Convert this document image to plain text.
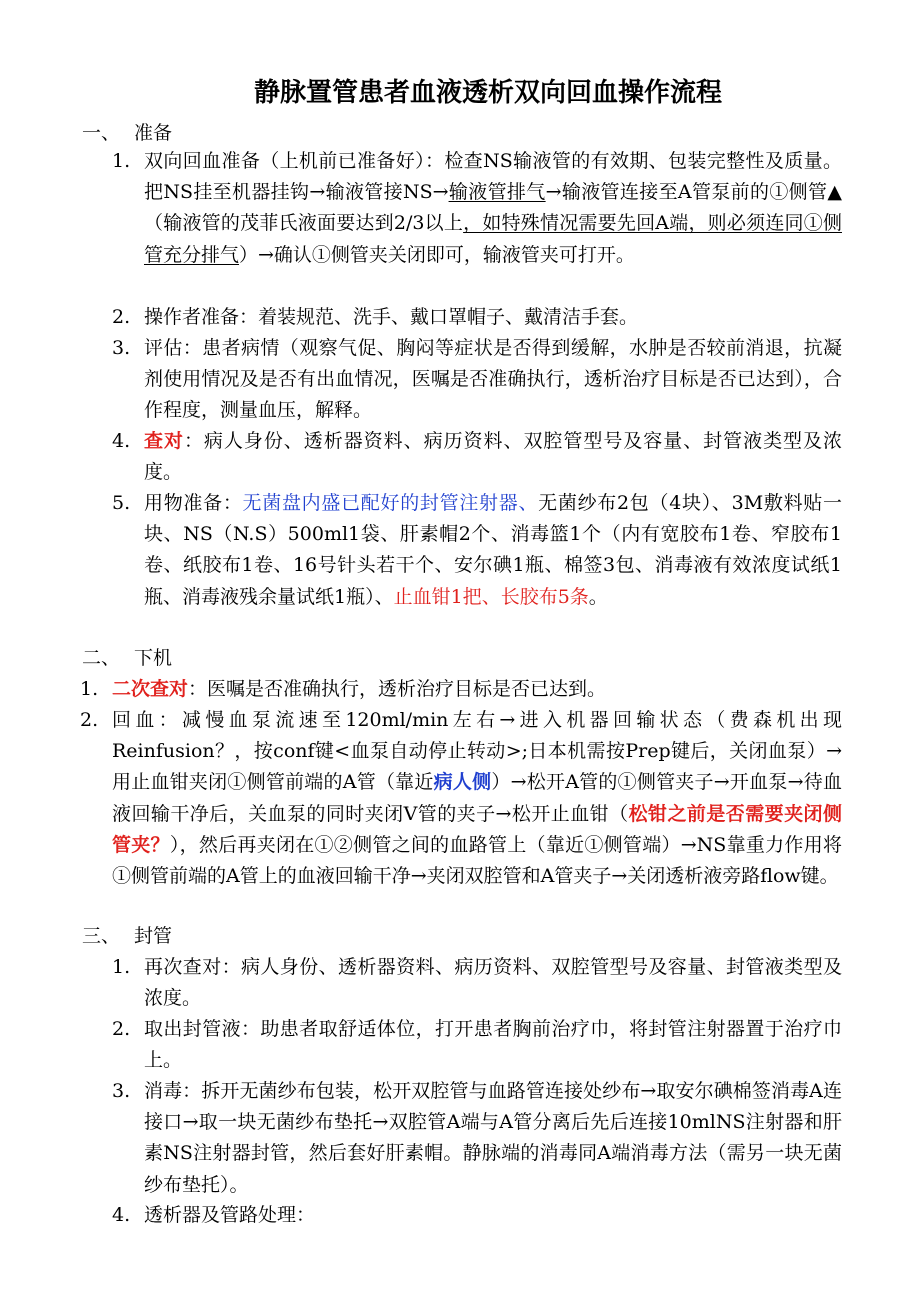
静脉置管患者血液透析双向回血操作流程
一、 准备
1. 双向回血准备（上机前已准备好）：检查NS输液管的有效期、包装完整性及质量。把NS挂至机器挂钩→输液管接NS→输液管排气→输液管连接至A管泵前的①侧管▲（输液管的茂菲氏液面要达到2/3以上，如特殊情况需要先回A端，则必须连同①侧管充分排气）→确认①侧管夹关闭即可，输液管夹可打开。
2. 操作者准备：着装规范、洗手、戴口罩帽子、戴清洁手套。
3. 评估：患者病情（观察气促、胸闷等症状是否得到缓解，水肿是否较前消退，抗凝剂使用情况及是否有出血情况，医嘱是否准确执行，透析治疗目标是否已达到），合作程度，测量血压，解释。
4. 查对：病人身份、透析器资料、病历资料、双腔管型号及容量、封管液类型及浓度。
5. 用物准备：无菌盘内盛已配好的封管注射器、无菌纱布2包（4块）、3M敷料贴一块、NS（N.S）500ml1袋、肝素帽2个、消毒篮1个（内有宽胶布1卷、窄胶布1卷、纸胶布1卷、16号针头若干个、安尔碘1瓶、棉签3包、消毒液有效浓度试纸1瓶、消毒液残余量试纸1瓶）、止血钳1把、长胶布5条。
二、 下机
1. 二次查对：医嘱是否准确执行，透析治疗目标是否已达到。
2. 回血：减慢血泵流速至120ml/min左右→进入机器回输状态（费森机出现Reinfusion？，按conf键<血泵自动停止转动>;日本机需按Prep键后，关闭血泵）→用止血钳夹闭①侧管前端的A管（靠近病人侧）→松开A管的①侧管夹子→开血泵→待血液回输干净后，关血泵的同时夹闭V管的夹子→松开止血钳（松钳之前是否需要夹闭侧管夹？），然后再夹闭在①②侧管之间的血路管上（靠近①侧管端）→NS靠重力作用将①侧管前端的A管上的血液回输干净→夹闭双腔管和A管夹子→关闭透析液旁路flow键。
三、 封管
1. 再次查对：病人身份、透析器资料、病历资料、双腔管型号及容量、封管液类型及浓度。
2. 取出封管液：助患者取舒适体位，打开患者胸前治疗巾，将封管注射器置于治疗巾上。
3. 消毒：拆开无菌纱布包装，松开双腔管与血路管连接处纱布→取安尔碘棉签消毒A连接口→取一块无菌纱布垫托→双腔管A端与A管分离后先后连接10mlNS注射器和肝素NS注射器封管，然后套好肝素帽。静脉端的消毒同A端消毒方法（需另一块无菌纱布垫托）。
4. 透析器及管路处理：
